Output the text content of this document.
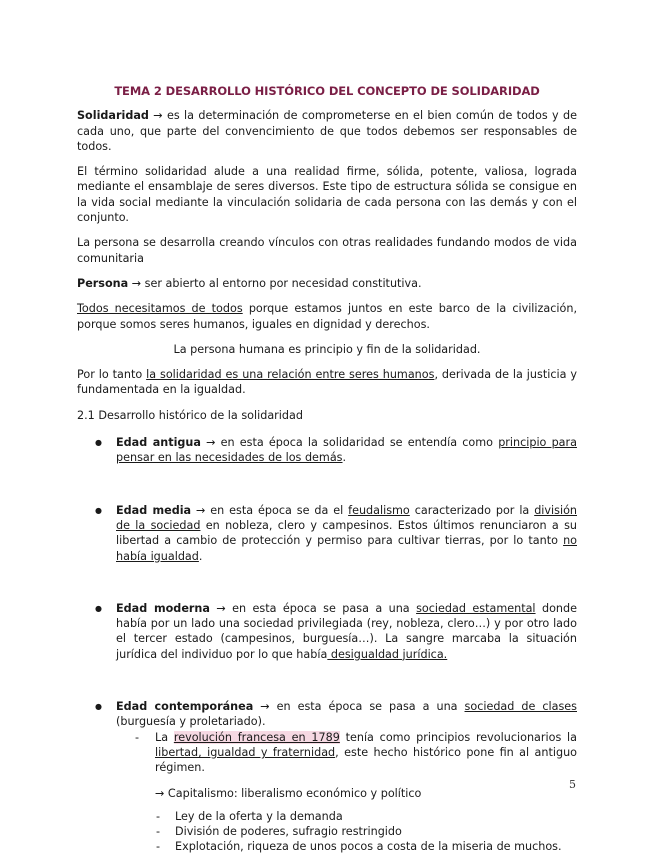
TEMA 2 DESARROLLO HISTÓRICO DEL CONCEPTO DE SOLIDARIDAD

Solidaridad → es la determinación de comprometerse en el bien común de todos y de cada uno, que parte del convencimiento de que todos debemos ser responsables de todos.

El término solidaridad alude a una realidad firme, sólida, potente, valiosa, lograda mediante el ensamblaje de seres diversos. Este tipo de estructura sólida se consigue en la vida social mediante la vinculación solidaria de cada persona con las demás y con el conjunto.

La persona se desarrolla creando vínculos con otras realidades fundando modos de vida comunitaria

Persona → ser abierto al entorno por necesidad constitutiva.

Todos necesitamos de todos porque estamos juntos en este barco de la civilización, porque somos seres humanos, iguales en dignidad y derechos.

La persona humana es principio y fin de la solidaridad.

Por lo tanto la solidaridad es una relación entre seres humanos, derivada de la justicia y fundamentada en la igualdad.

2.1 Desarrollo histórico de la solidaridad

● Edad antigua → en esta época la solidaridad se entendía como principio para pensar en las necesidades de los demás.
● Edad media → en esta época se da el feudalismo caracterizado por la división de la sociedad en nobleza, clero y campesinos. Estos últimos renunciaron a su libertad a cambio de protección y permiso para cultivar tierras, por lo tanto no había igualdad.
● Edad moderna → en esta época se pasa a una sociedad estamental donde había por un lado una sociedad privilegiada (rey, nobleza, clero…) y por otro lado el tercer estado (campesinos, burguesía…). La sangre marcaba la situación jurídica del individuo por lo que había desigualdad jurídica.
● Edad contemporánea → en esta época se pasa a una sociedad de clases (burguesía y proletariado).
- La revolución francesa en 1789 tenía como principios revolucionarios la libertad, igualdad y fraternidad, este hecho histórico pone fin al antiguo régimen.
→ Capitalismo: liberalismo económico y político
- Ley de la oferta y la demanda
- División de poderes, sufragio restringido
- Explotación, riqueza de unos pocos a costa de la miseria de muchos.
5
